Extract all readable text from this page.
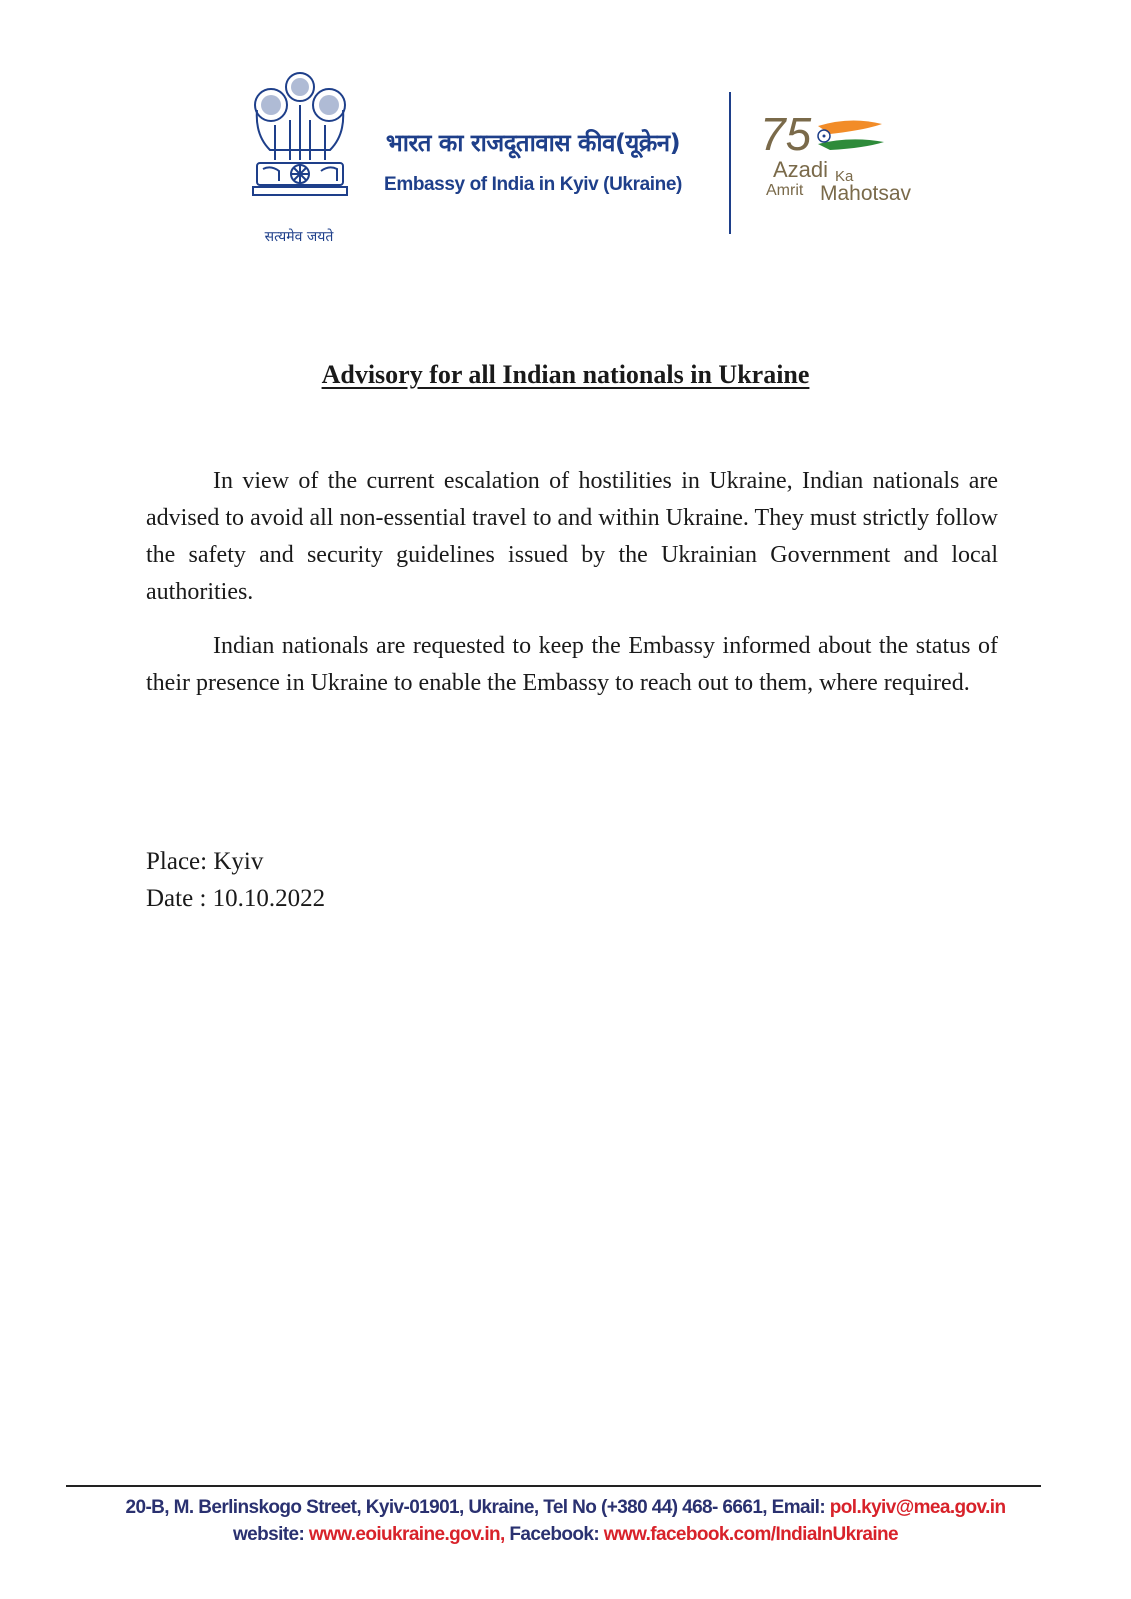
सत्यमेव जयते
भारत का राजदूतावास कीव(यूक्रेन)
Embassy of India in Kyiv (Ukraine)
75
Azadi Ka
Amrit Mahotsav
Advisory for all Indian nationals in Ukraine

In view of the current escalation of hostilities in Ukraine, Indian nationals are advised to avoid all non-essential travel to and within Ukraine. They must strictly follow the safety and security guidelines issued by the Ukrainian Government and local authorities.

Indian nationals are requested to keep the Embassy informed about the status of their presence in Ukraine to enable the Embassy to reach out to them, where required.

Place: Kyiv
Date : 10.10.2022
20-B, M. Berlinskogo Street, Kyiv-01901, Ukraine, Tel No (+380 44) 468- 6661, Email: pol.kyiv@mea.gov.in
website: www.eoiukraine.gov.in, Facebook: www.facebook.com/IndiaInUkraine
